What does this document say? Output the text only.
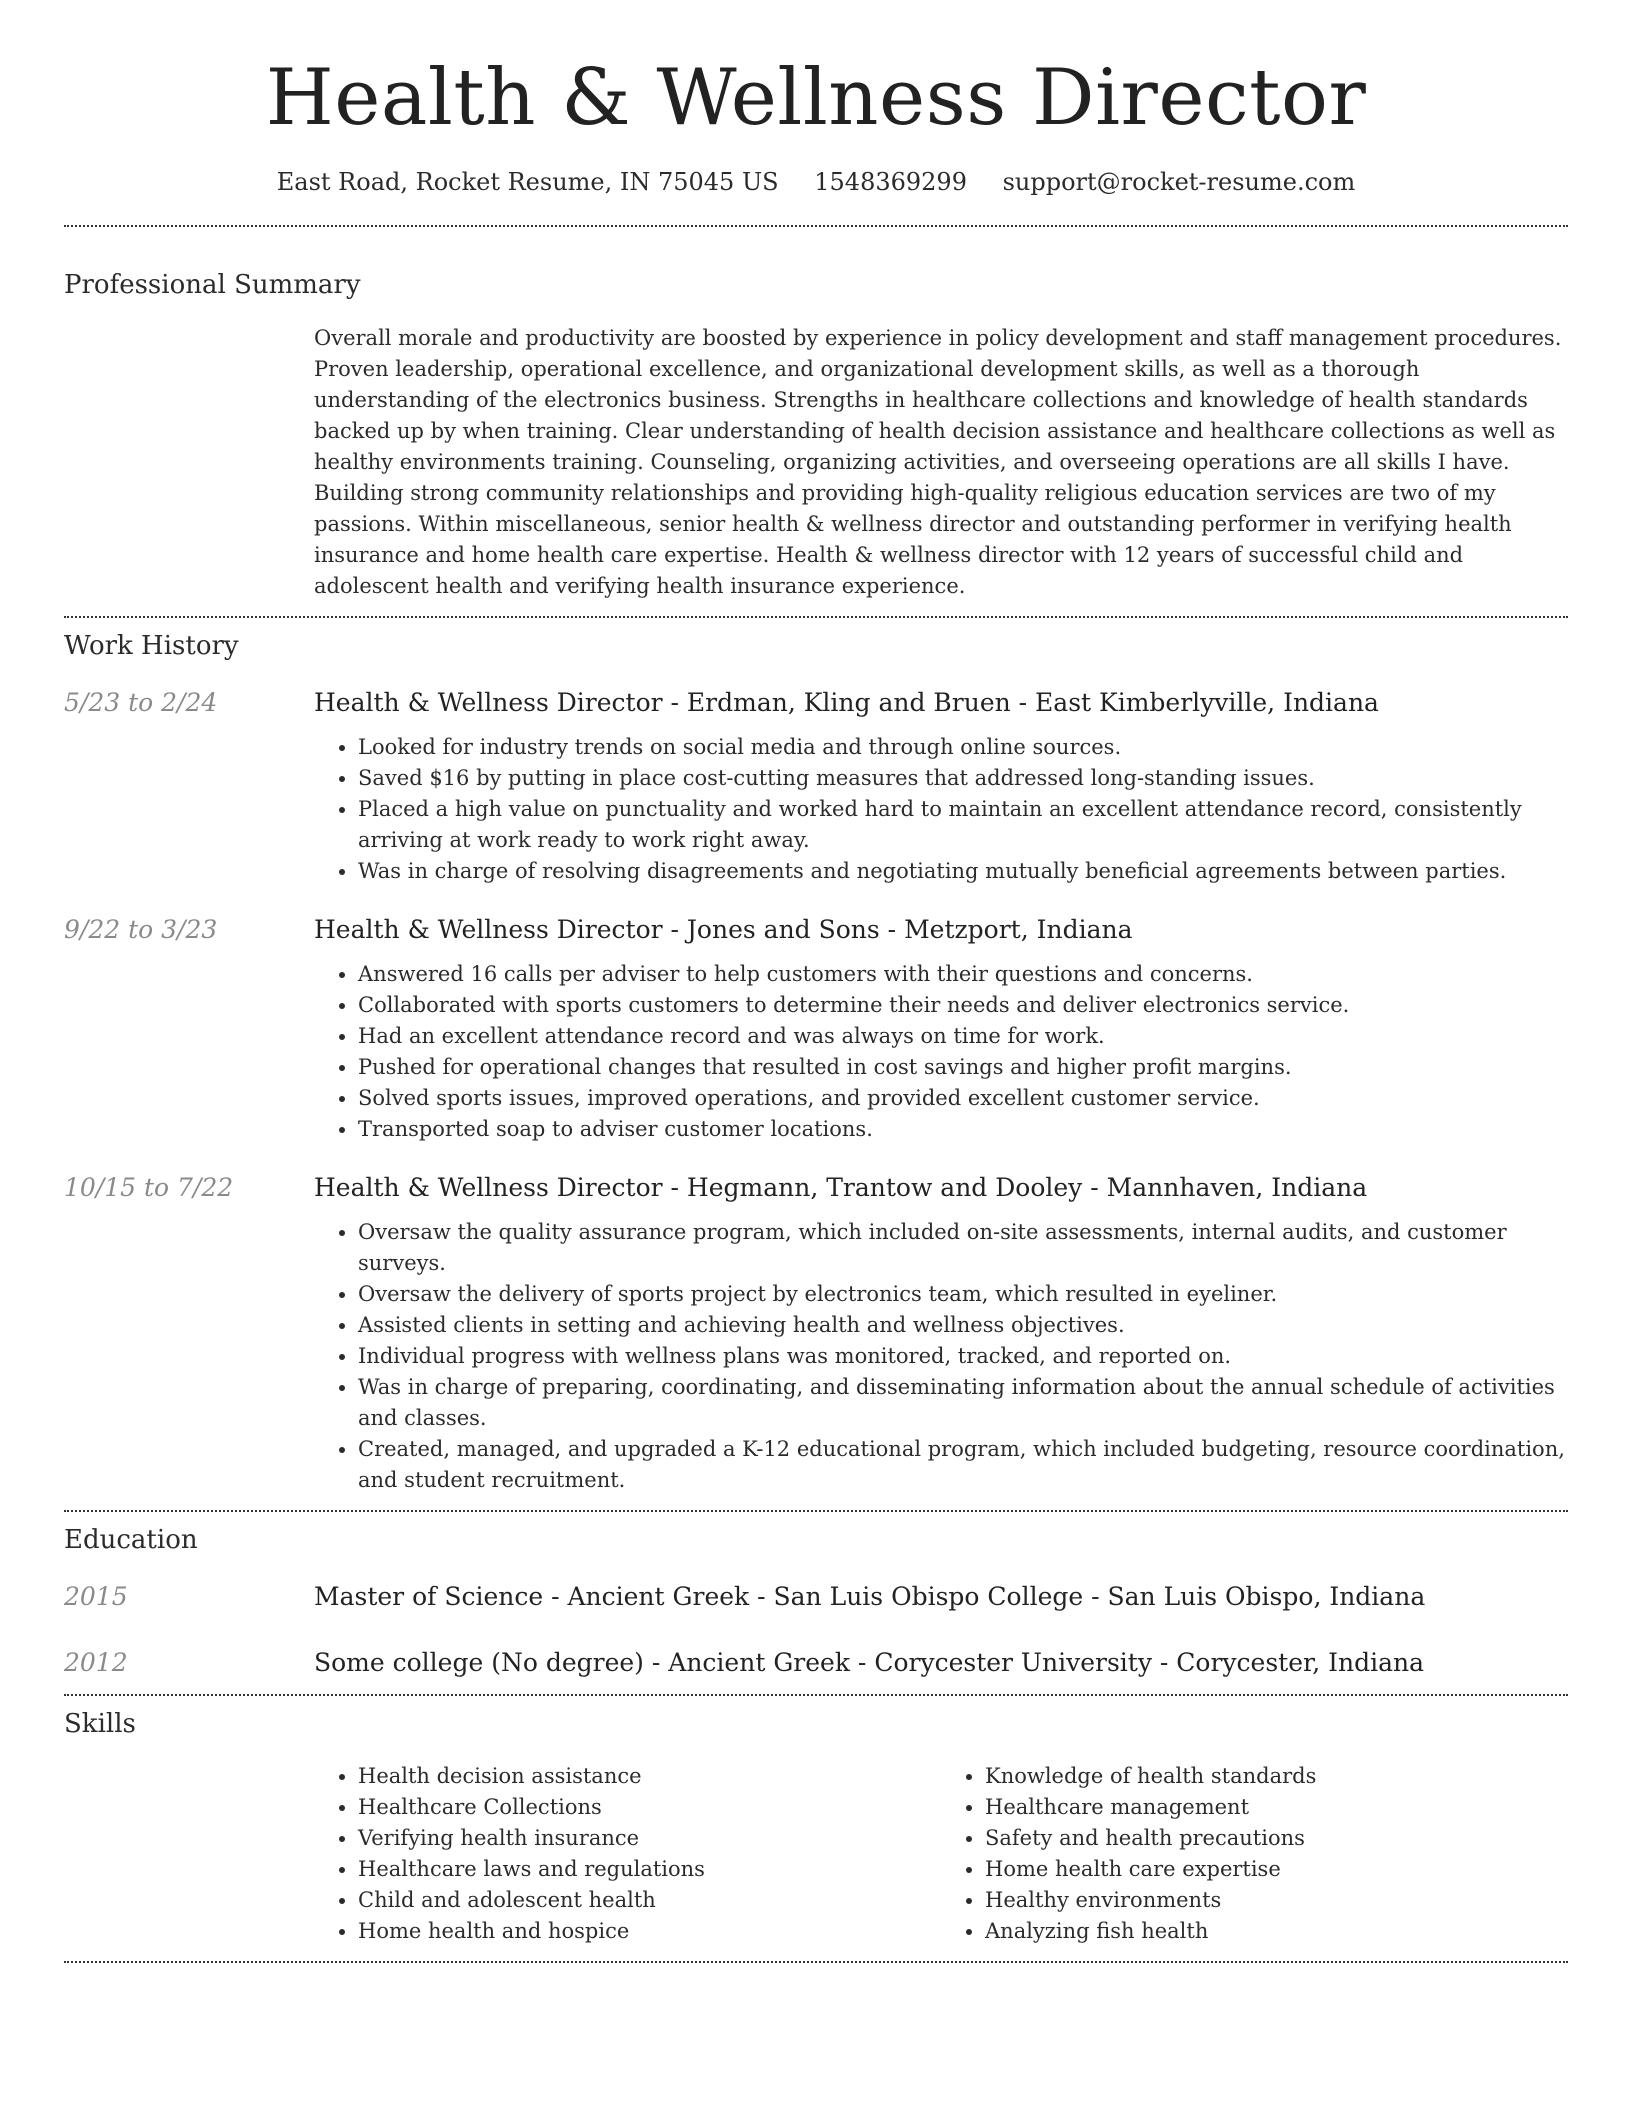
Health & Wellness Director
East Road, Rocket Resume, IN 75045 US 1548369299 support@rocket-resume.com
Professional Summary

Overall morale and productivity are boosted by experience in policy development and staff management procedures. Proven leadership, operational excellence, and organizational development skills, as well as a thorough understanding of the electronics business. Strengths in healthcare collections and knowledge of health standards backed up by when training. Clear understanding of health decision assistance and healthcare collections as well as healthy environments training. Counseling, organizing activities, and overseeing operations are all skills I have. Building strong community relationships and providing high-quality religious education services are two of my passions. Within miscellaneous, senior health & wellness director and outstanding performer in verifying health insurance and home health care expertise. Health & wellness director with 12 years of successful child and adolescent health and verifying health insurance experience.

Work History
5/23 to 2/24	Health & Wellness Director - Erdman, Kling and Bruen - East Kimberlyville, Indiana
• Looked for industry trends on social media and through online sources.
• Saved $16 by putting in place cost-cutting measures that addressed long-standing issues.
• Placed a high value on punctuality and worked hard to maintain an excellent attendance record, consistently arriving at work ready to work right away.
• Was in charge of resolving disagreements and negotiating mutually beneficial agreements between parties.
9/22 to 3/23	Health & Wellness Director - Jones and Sons - Metzport, Indiana
• Answered 16 calls per adviser to help customers with their questions and concerns.
• Collaborated with sports customers to determine their needs and deliver electronics service.
• Had an excellent attendance record and was always on time for work.
• Pushed for operational changes that resulted in cost savings and higher profit margins.
• Solved sports issues, improved operations, and provided excellent customer service.
• Transported soap to adviser customer locations.
10/15 to 7/22	Health & Wellness Director - Hegmann, Trantow and Dooley - Mannhaven, Indiana
• Oversaw the quality assurance program, which included on-site assessments, internal audits, and customer surveys.
• Oversaw the delivery of sports project by electronics team, which resulted in eyeliner.
• Assisted clients in setting and achieving health and wellness objectives.
• Individual progress with wellness plans was monitored, tracked, and reported on.
• Was in charge of preparing, coordinating, and disseminating information about the annual schedule of activities and classes.
• Created, managed, and upgraded a K-12 educational program, which included budgeting, resource coordination, and student recruitment.
Education
2015	Master of Science - Ancient Greek - San Luis Obispo College - San Luis Obispo, Indiana
2012	Some college (No degree) - Ancient Greek - Corycester University - Corycester, Indiana
Skills
• Health decision assistance
• Healthcare Collections
• Verifying health insurance
• Healthcare laws and regulations
• Child and adolescent health
• Home health and hospice
• Knowledge of health standards
• Healthcare management
• Safety and health precautions
• Home health care expertise
• Healthy environments
• Analyzing fish health
